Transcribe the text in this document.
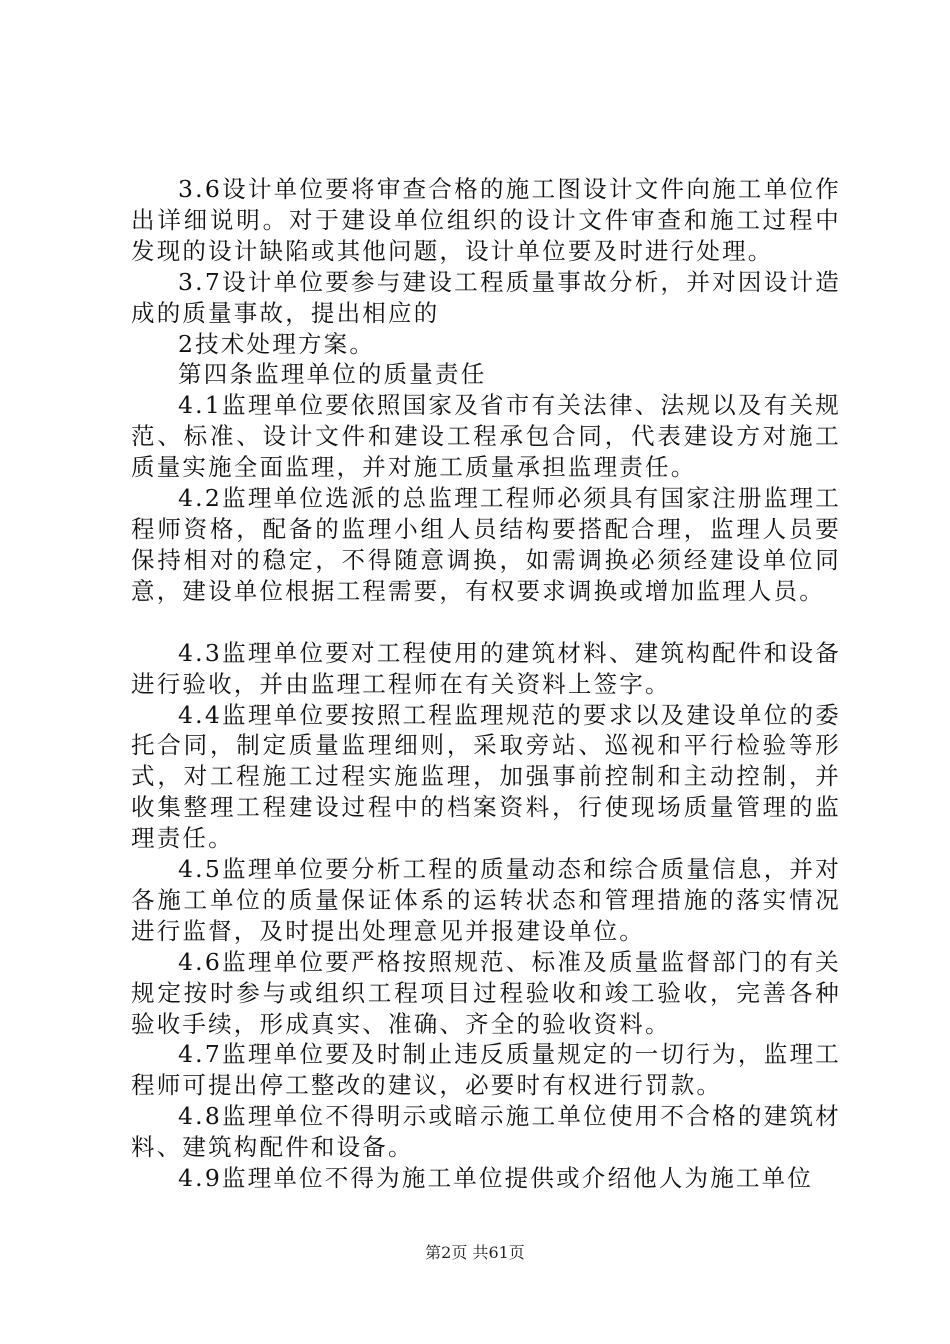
3.6设计单位要将审查合格的施工图设计文件向施工单位作出详细说明。对于建设单位组织的设计文件审查和施工过程中发现的设计缺陷或其他问题，设计单位要及时进行处理。

3.7设计单位要参与建设工程质量事故分析，并对因设计造成的质量事故，提出相应的

2技术处理方案。

第四条监理单位的质量责任

4.1监理单位要依照国家及省市有关法律、法规以及有关规范、标准、设计文件和建设工程承包合同，代表建设方对施工质量实施全面监理，并对施工质量承担监理责任。

4.2监理单位选派的总监理工程师必须具有国家注册监理工程师资格，配备的监理小组人员结构要搭配合理，监理人员要保持相对的稳定，不得随意调换，如需调换必须经建设单位同意，建设单位根据工程需要，有权要求调换或增加监理人员。

4.3监理单位要对工程使用的建筑材料、建筑构配件和设备进行验收，并由监理工程师在有关资料上签字。

4.4监理单位要按照工程监理规范的要求以及建设单位的委托合同，制定质量监理细则，采取旁站、巡视和平行检验等形式，对工程施工过程实施监理，加强事前控制和主动控制，并收集整理工程建设过程中的档案资料，行使现场质量管理的监理责任。

4.5监理单位要分析工程的质量动态和综合质量信息，并对各施工单位的质量保证体系的运转状态和管理措施的落实情况进行监督，及时提出处理意见并报建设单位。

4.6监理单位要严格按照规范、标准及质量监督部门的有关规定按时参与或组织工程项目过程验收和竣工验收，完善各种验收手续，形成真实、准确、齐全的验收资料。

4.7监理单位要及时制止违反质量规定的一切行为，监理工程师可提出停工整改的建议，必要时有权进行罚款。

4.8监理单位不得明示或暗示施工单位使用不合格的建筑材料、建筑构配件和设备。

4.9监理单位不得为施工单位提供或介绍他人为施工单位

第2页 共61页
